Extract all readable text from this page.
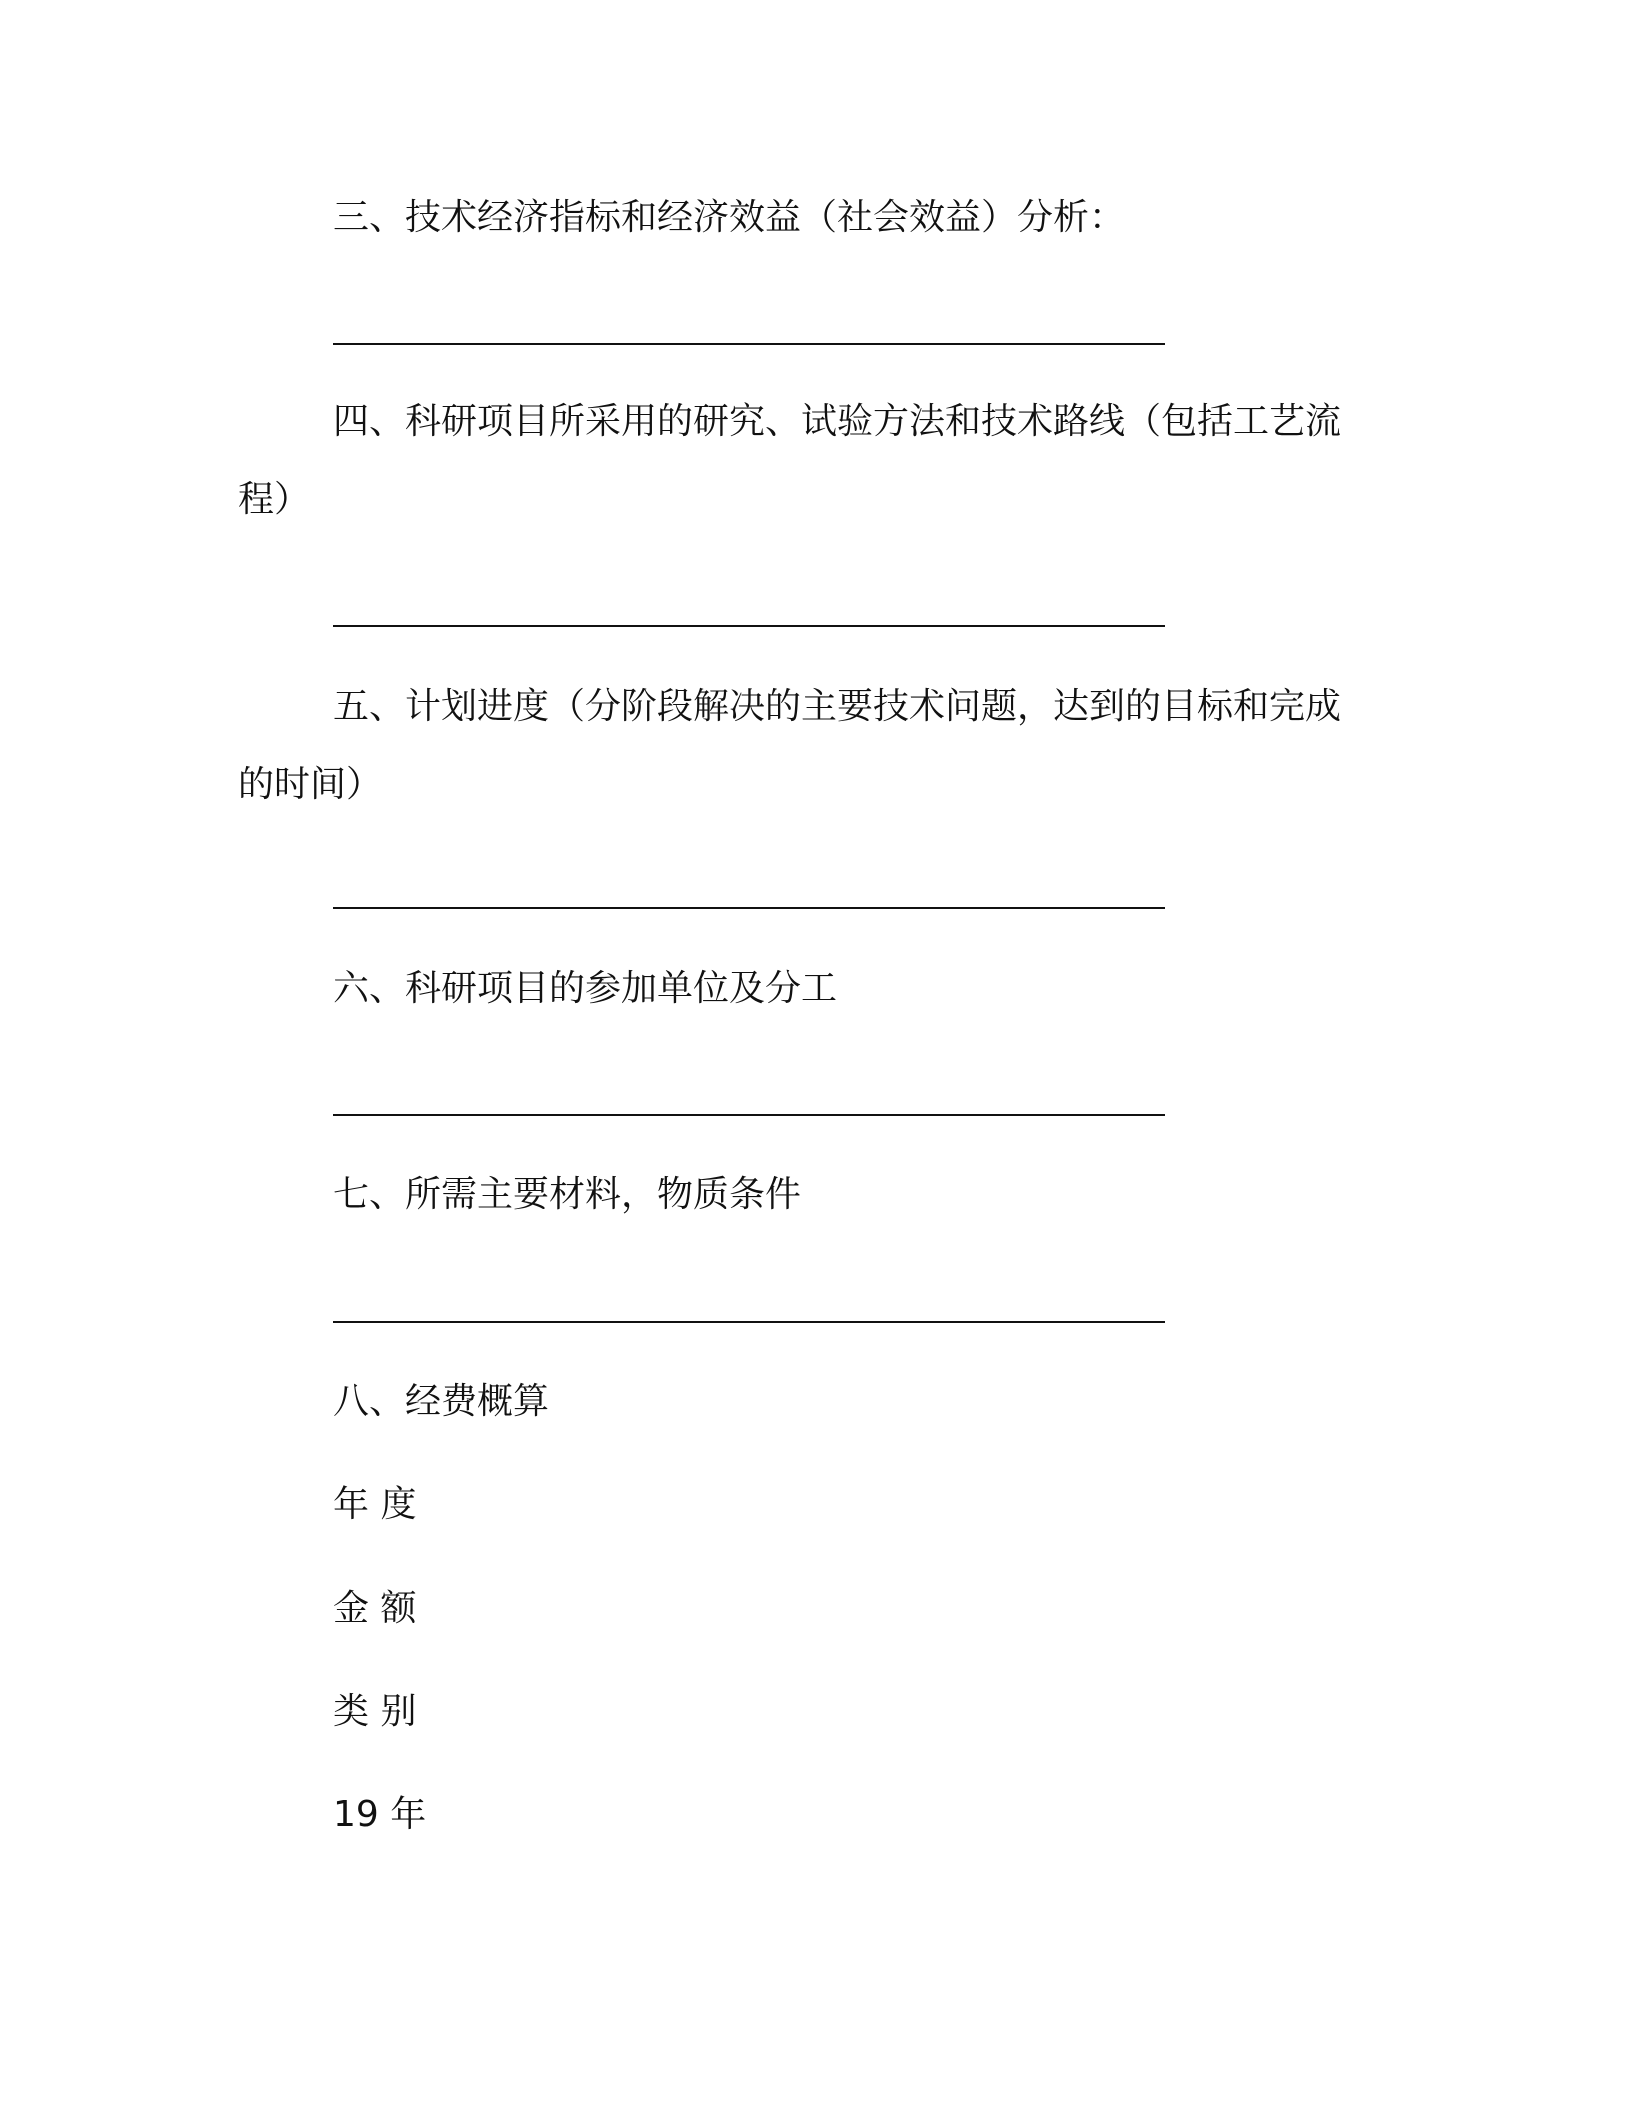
三、技术经济指标和经济效益（社会效益）分析：
四、科研项目所采用的研究、试验方法和技术路线（包括工艺流
程）
五、计划进度（分阶段解决的主要技术问题，达到的目标和完成
的时间）
六、科研项目的参加单位及分工
七、所需主要材料，物质条件
八、经费概算
年 度
金 额
类 别
19 年
